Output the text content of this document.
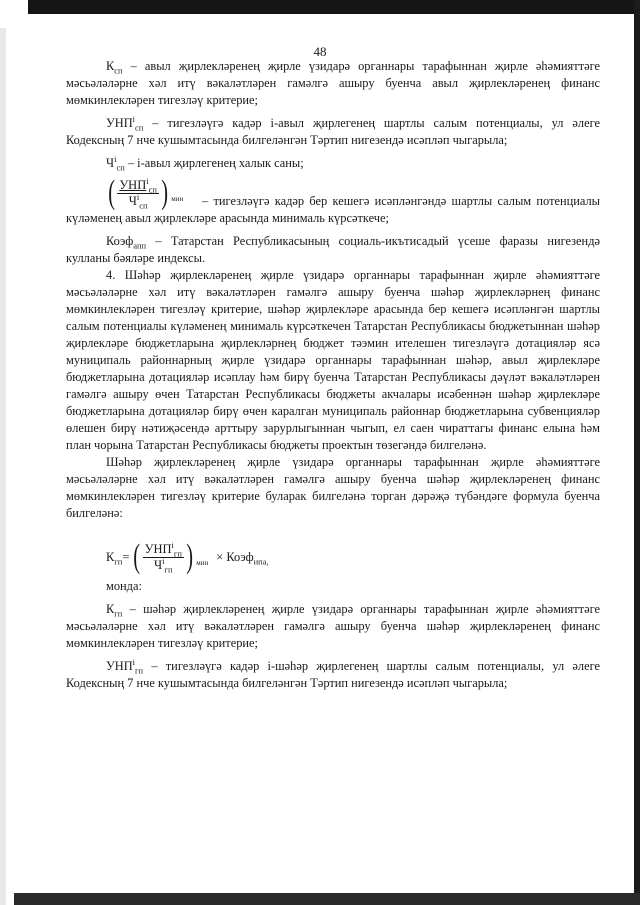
48

$К_{сп}$ – авыл җирлекләренең җирле үзидарә органнары тарафыннан җирле әһәмияттәге мәсьәләләрне хәл итү вәкаләтләрен гамәлгә ашыру буенча авыл җирлекләренең финанс мөмкинлекләрен тигезләү критерие;

$УНП^i_{сп}$ – тигезләүгә кадәр i-авыл җирлегенең шартлы салым потенциалы, ул әлеге Кодексның 7 нче кушымтасында билгеләнгән Тәртип нигезендә исәпләп чыгарыла;

$Ч^i_{сп}$ – i-авыл җирлегенең халык саны;

( $\frac{УНП^i_{сп}}{Ч^i_{сп}}$ ) мин	– тигезләүгә кадәр бер кешегә исәпләнгәндә шартлы салым потенциалы күләменең авыл җирлекләре арасында минималь күрсәткече;

Коэф$_{апп}$ – Татарстан Республикасының социаль-икътисадый үсеше фаразы нигезендә кулланы бәяләре индексы.

4. Шәһәр җирлекләренең җирле үзидарә органнары тарафыннан җирле әһәмияттәге мәсьәләләрне хәл итү вәкаләтләрен гамәлгә ашыру буенча шәһәр җирлекләрнең финанс мөмкинлекләрен тигезләү критерие, шәһәр җирлекләре арасында бер кешегә исәпләнгән шартлы салым потенциалы күләменең минималь күрсәткечен Татарстан Республикасы бюджетыннан шәһәр җирлекләре бюджетларына җирлекләрнең бюджет тәэмин ителешен тигезләүгә дотацияләр ясә муниципаль районнарның җирле үзидарә органнары тарафыннан шәһәр, авыл җирлекләре бюджетларына дотацияләр исәплау һәм бирү буенча Татарстан Республикасы дәүләт вәкаләтләрен гамәлгә ашыру өчен Татарстан Республикасы бюджеты акчалары исәбеннән шәһәр җирлекләре бюджетларына дотацияләр бирү өчен каралган муниципаль районнар бюджетларына субвенцияләр өлешен бирү нәтиҗәсендә арттыру зарурлыгыннан чыгып, ел саен чираттагы финанс елына һәм план чорына Татарстан Республикасы бюджеты проектын төзегәндә билгеләнә.

Шәһәр җирлекләренең җирле үзидарә органнары тарафыннан җирле әһәмияттәге мәсьәләләрне хәл итү вәкаләтләрен гамәлгә ашыру буенча шәһәр җирлекләренең финанс мөмкинлекләрен тигезләү критерие буларак билгеләнә торган дәрәҗә түбәндәге формула буенча билгеләнә:

$К_{гп}=$ ( $\frac{УНП^i_{гп}}{Ч^i_{гп}}$ ) мин × Коэф$_{ипа,}$

монда:

$К_{гп}$ – шәһәр җирлекләренең җирле үзидарә органнары тарафыннан җирле әһәмияттәге мәсьәләләрне хәл итү вәкаләтләрен гамәлгә ашыру буенча шәһәр җирлекләренең финанс мөмкинлекләрен тигезләү критерие;

$УНП^i_{гп}$ – тигезләүгә кадәр i-шәһәр җирлегенең шартлы салым потенциалы, ул әлеге Кодексның 7 нче кушымтасында билгеләнгән Тәртип нигезендә исәпләп чыгарыла;
